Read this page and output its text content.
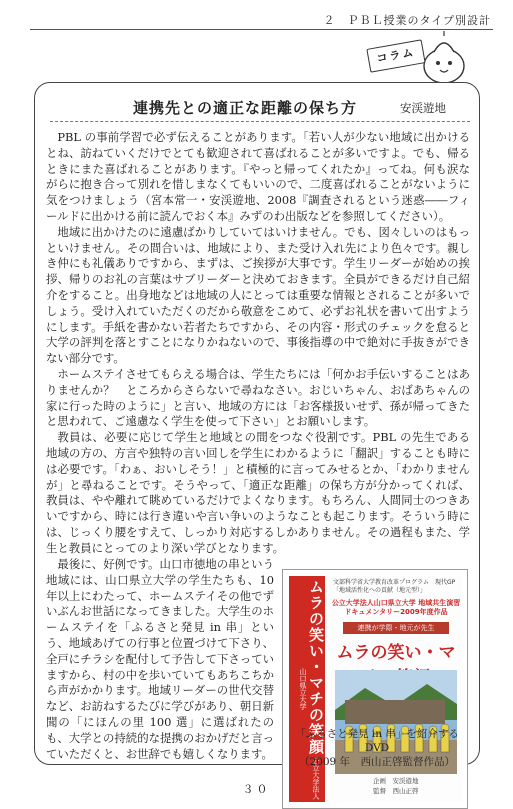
２　ＰＢＬ授業のタイプ別設計
コラム
連携先との適正な距離の保ち方	安渓遊地

PBL の事前学習で必ず伝えることがあります。「若い人が少ない地域に出かけるとね、訪ねていくだけでとても歓迎されて喜ばれることが多いですよ。でも、帰るときにまた喜ばれることがあります。『やっと帰ってくれたか』ってね。何も涙ながらに抱き合って別れを惜しまなくてもいいので、二度喜ばれることがないように気をつけましょう（宮本常一・安渓遊地、2008『調査されるという迷惑――フィールドに出かける前に読んでおく本』みずのわ出版などを参照してください）。

地域に出かけたのに遠慮ばかりしていてはいけません。でも、図々しいのはもっといけません。その間合いは、地域により、また受け入れ先により色々です。親しき仲にも礼儀ありですから、まずは、ご挨拶が大事です。学生リーダーが始めの挨拶、帰りのお礼の言葉はサブリーダーと決めておきます。全員ができるだけ自己紹介をすること。出身地などは地域の人にとっては重要な情報とされることが多いでしょう。受け入れていただくのだから敬意をこめて、必ずお礼状を書いて出すようにします。手紙を書かない若者たちですから、その内容・形式のチェックを怠ると大学の評判を落とすことになりかねないので、事後指導の中で絶対に手抜きができない部分です。

ホームステイさせてもらえる場合は、学生たちには「何かお手伝いすることはありませんか？　ところからさらないで尋ねなさい。おじいちゃん、おばあちゃんの家に行った時のように」と言い、地域の方には「お客様扱いせず、孫が帰ってきたと思われて、ご遠慮なく学生を使って下さい」とお願いします。

教員は、必要に応じて学生と地域との間をつなぐ役割です。PBL の先生である地域の方の、方言や独特の言い回しを学生にわかるように「翻訳」することも時には必要です。「わぁ、おいしそう！」と積極的に言ってみせるとか、「わかりませんが」と尋ねることです。そうやって、「適正な距離」の保ち方が分かってくれば、教員は、やや離れて眺めているだけでよくなります。もちろん、人間同士のつきあいですから、時には行き違いや言い争いのようなことも起こります。そういう時には、じっくり腰をすえて、しっかり対応するしかありません。その過程もまた、学生と教員にとってのより深い学びとなります。

最後に、好例です。山口市徳地の串という地域には、山口県立大学の学生たちも、10 年以上にわたって、ホームステイその他でずいぶんお世話になってきました。大学生のホームステイを「ふるさと発見 in 串」という、地域あげての行事と位置づけて下さり、全戸にチラシを配付して予告して下さっていますから、村の中を歩いていてもあちこちから声がかかります。地域リーダーの世代交替など、お訪ねするたびに学びがあり、朝日新聞の「にほんの里 100 選」に選ばれたのも、大学との持続的な提携のおかげだと言っていただくと、お世辞でも嬉しくなります。	ムラの笑い・マチの笑顔 公立大学法人　山口県立大学
文部科学省大学教育改革プログラム　現代GP「地域活性化への貢献（地元型）」
公立大学法人山口県立大学 地域共生演習ドキュメンタリー2009年度作品
連携が学際・地元が先生
ムラの笑い・マ
企画　安渓遊地
監督　西山正啓
「ふるさと発見 in 串」を紹介する DVD
（2009 年　西山正啓監督作品）
３０
